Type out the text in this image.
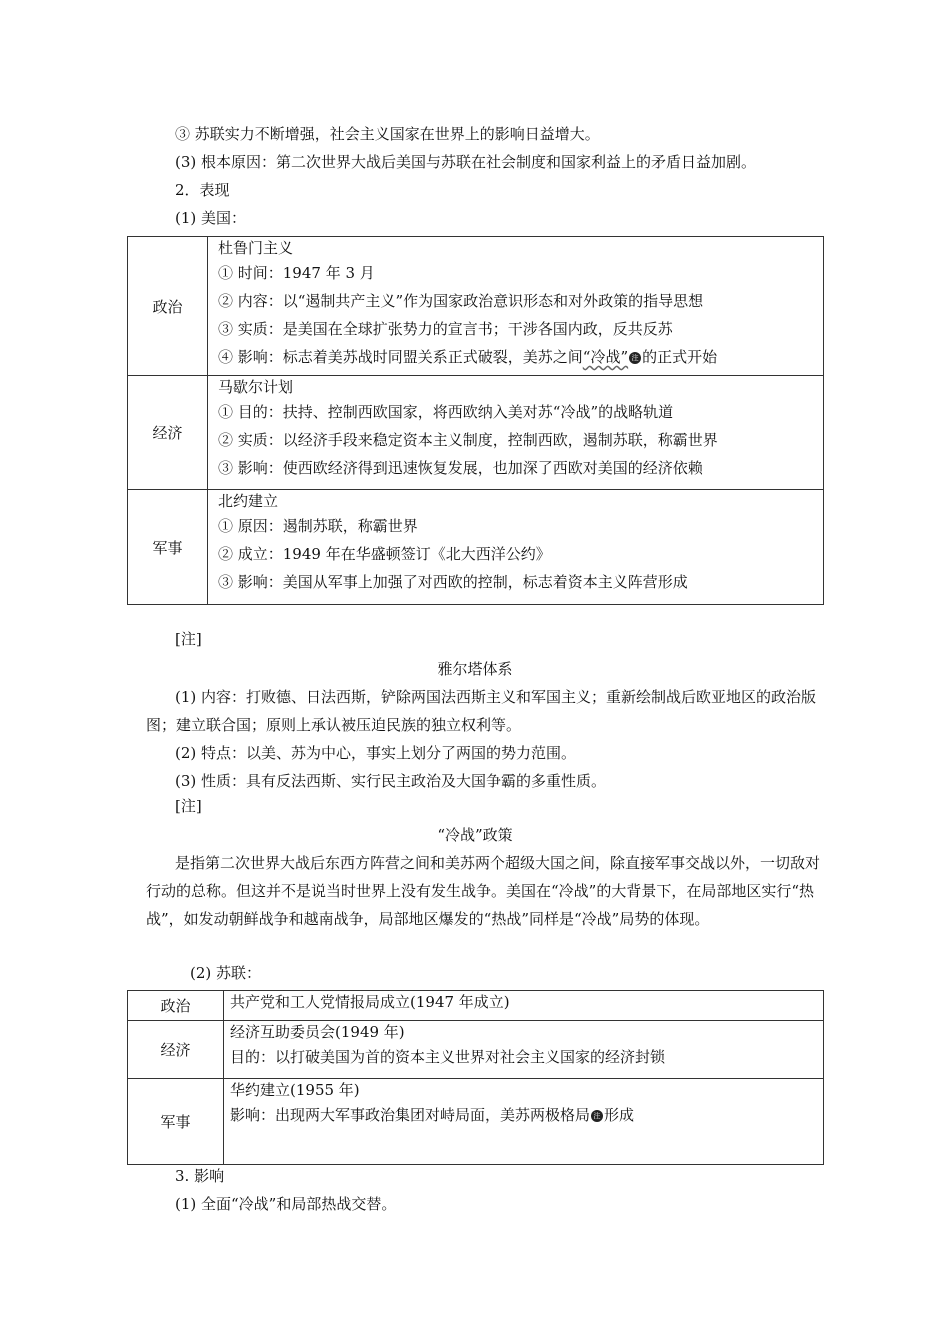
③ 苏联实力不断增强，社会主义国家在世界上的影响日益增大。
(3) 根本原因：第二次世界大战后美国与苏联在社会制度和国家利益上的矛盾日益加剧。
2．表现
(1) 美国：
政治	杜鲁门主义
① 时间：1947 年 3 月
② 内容：以“遏制共产主义”作为国家政治意识形态和对外政策的指导思想
③ 实质：是美国在全球扩张势力的宣言书；干涉各国内政，反共反苏
④ 影响：标志着美苏战时同盟关系正式破裂，美苏之间“冷战” 注 的正式开始

经济	马歇尔计划
① 目的：扶持、控制西欧国家，将西欧纳入美对苏“冷战”的战略轨道
② 实质：以经济手段来稳定资本主义制度，控制西欧，遏制苏联，称霸世界
③ 影响：使西欧经济得到迅速恢复发展，也加深了西欧对美国的经济依赖

军事	北约建立
① 原因：遏制苏联，称霸世界
② 成立：1949 年在华盛顿签订《北大西洋公约》
③ 影响：美国从军事上加强了对西欧的控制，标志着资本主义阵营形成
[注]
雅尔塔体系
(1) 内容：打败德、日法西斯，铲除两国法西斯主义和军国主义；重新绘制战后欧亚地区的政治版图；建立联合国；原则上承认被压迫民族的独立权利等。
(2) 特点：以美、苏为中心，事实上划分了两国的势力范围。
(3) 性质：具有反法西斯、实行民主政治及大国争霸的多重性质。
[注]
“冷战”政策
是指第二次世界大战后东西方阵营之间和美苏两个超级大国之间，除直接军事交战以外，一切敌对行动的总称。但这并不是说当时世界上没有发生战争。美国在“冷战”的大背景下，在局部地区实行“热战”，如发动朝鲜战争和越南战争，局部地区爆发的“热战”同样是“冷战”局势的体现。
(2) 苏联：
政治	共产党和工人党情报局成立(1947 年成立)

经济	经济互助委员会(1949 年)
目的：以打破美国为首的资本主义世界对社会主义国家的经济封锁

军事	华约建立(1955 年)
影响：出现两大军事政治集团对峙局面，美苏两极格局 注 形成
3. 影响
(1) 全面“冷战”和局部热战交替。
